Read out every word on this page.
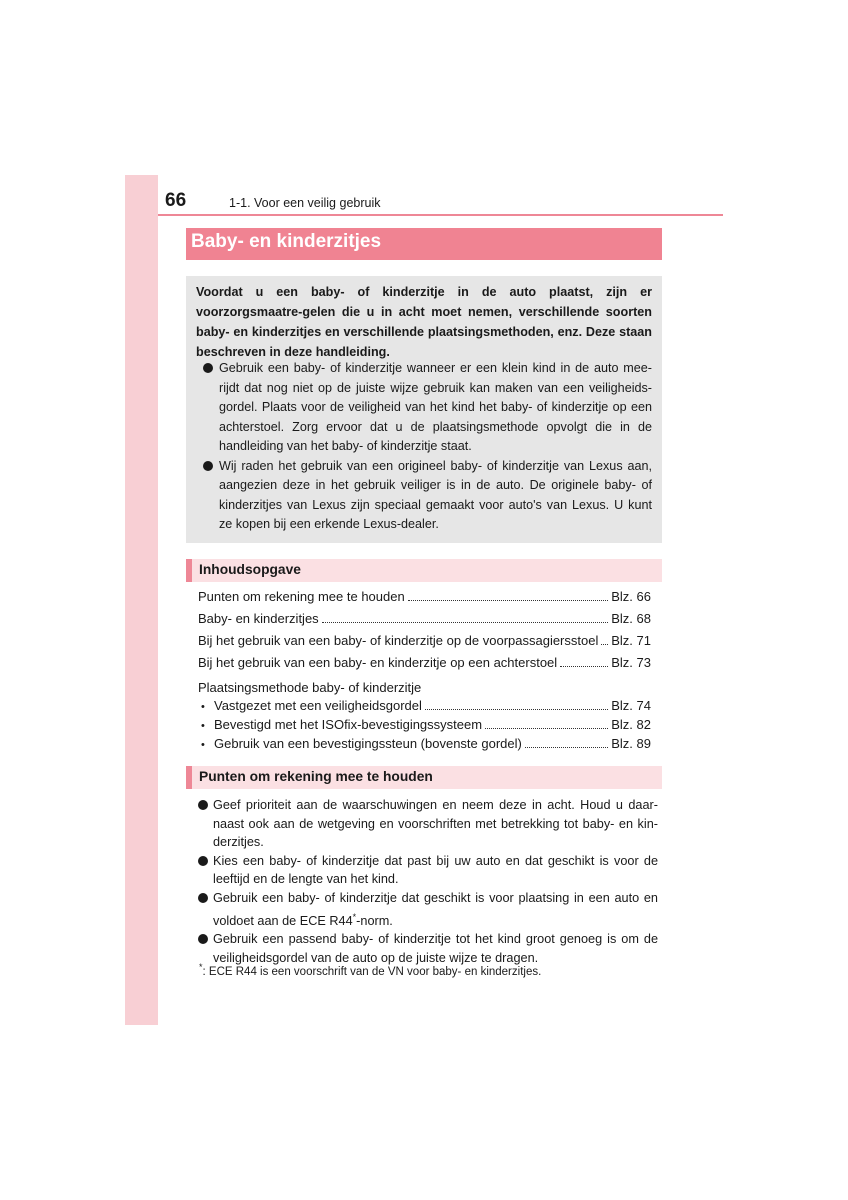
66	1-1. Voor een veilig gebruik
Baby- en kinderzitjes
Voordat u een baby- of kinderzitje in de auto plaatst, zijn er voorzorgsmaatre-gelen die u in acht moet nemen, verschillende soorten baby- en kinderzitjes en verschillende plaatsingsmethoden, enz. Deze staan beschreven in deze handleiding.
Gebruik een baby- of kinderzitje wanneer er een klein kind in de auto mee-rijdt dat nog niet op de juiste wijze gebruik kan maken van een veiligheids-gordel. Plaats voor de veiligheid van het kind het baby- of kinderzitje op een achterstoel. Zorg ervoor dat u de plaatsingsmethode opvolgt die in de handleiding van het baby- of kinderzitje staat.
Wij raden het gebruik van een origineel baby- of kinderzitje van Lexus aan, aangezien deze in het gebruik veiliger is in de auto. De originele baby- of kinderzitjes van Lexus zijn speciaal gemaakt voor auto's van Lexus. U kunt ze kopen bij een erkende Lexus-dealer.
Inhoudsopgave
Punten om rekening mee te houden	Blz. 66
Baby- en kinderzitjes	Blz. 68
Bij het gebruik van een baby- of kinderzitje op de voorpassagiersstoel Blz. 71
Bij het gebruik van een baby- en kinderzitje op een achterstoel	Blz. 73
Plaatsingsmethode baby- of kinderzitje
• Vastgezet met een veiligheidsgordel	Blz. 74
• Bevestigd met het ISOfix-bevestigingssysteem	Blz. 82
• Gebruik van een bevestigingssteun (bovenste gordel)	Blz. 89
Punten om rekening mee te houden
Geef prioriteit aan de waarschuwingen en neem deze in acht. Houd u daar-naast ook aan de wetgeving en voorschriften met betrekking tot baby- en kin-derzitjes.
Kies een baby- of kinderzitje dat past bij uw auto en dat geschikt is voor de leeftijd en de lengte van het kind.
Gebruik een baby- of kinderzitje dat geschikt is voor plaatsing in een auto en voldoet aan de ECE R44*-norm.
Gebruik een passend baby- of kinderzitje tot het kind groot genoeg is om de veiligheidsgordel van de auto op de juiste wijze te dragen.
*: ECE R44 is een voorschrift van de VN voor baby- en kinderzitjes.
